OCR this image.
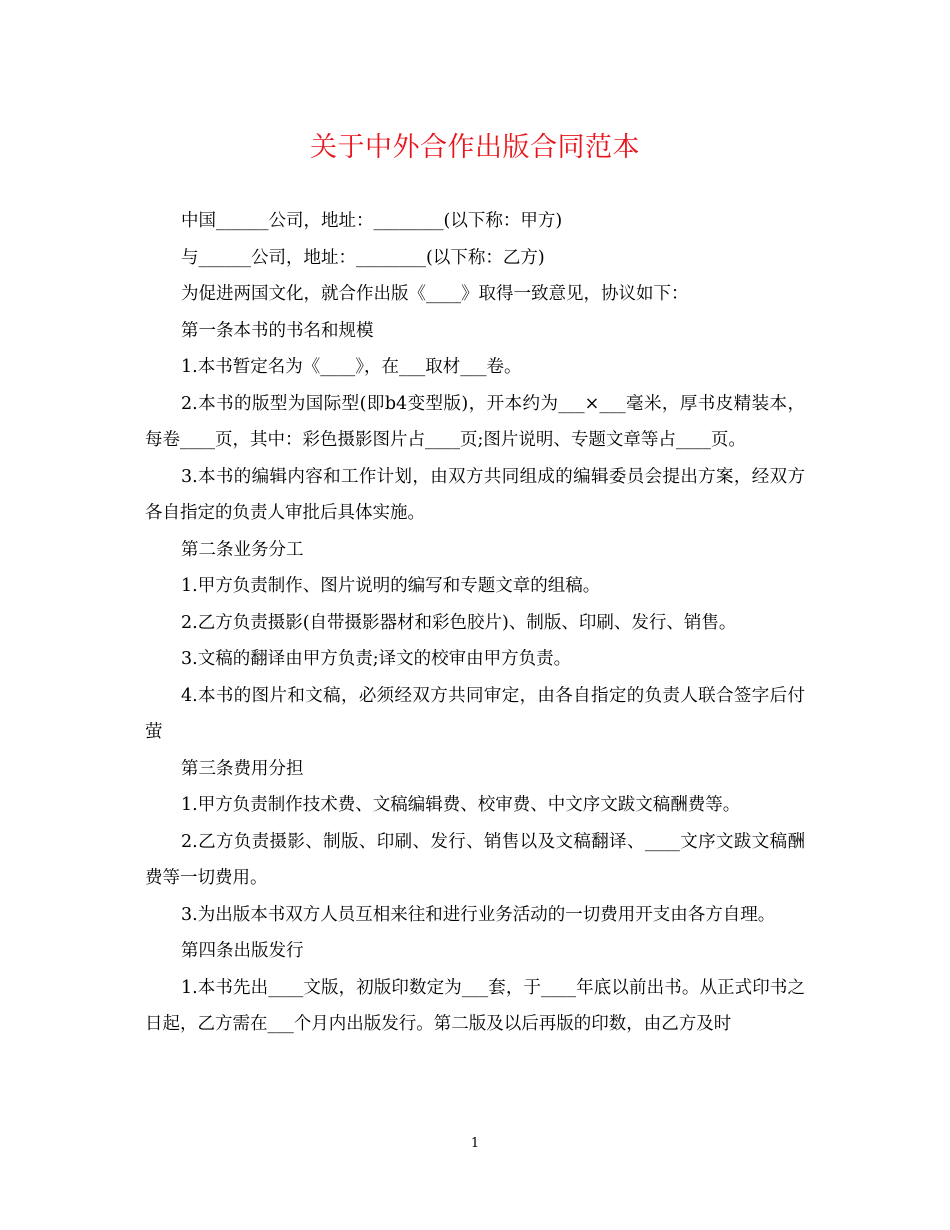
关于中外合作出版合同范本

中国______公司，地址：________(以下称：甲方)

与______公司，地址：________(以下称：乙方)

为促进两国文化，就合作出版《____》取得一致意见，协议如下：

第一条本书的书名和规模

1.本书暂定名为《____》，在___取材___卷。

2.本书的版型为国际型(即b4变型版)，开本约为___×___毫米，厚书皮精装本，每卷____页，其中：彩色摄影图片占____页;图片说明、专题文章等占____页。

3.本书的编辑内容和工作计划，由双方共同组成的编辑委员会提出方案，经双方各自指定的负责人审批后具体实施。

第二条业务分工

1.甲方负责制作、图片说明的编写和专题文章的组稿。

2.乙方负责摄影(自带摄影器材和彩色胶片)、制版、印刷、发行、销售。

3.文稿的翻译由甲方负责;译文的校审由甲方负责。

4.本书的图片和文稿，必须经双方共同审定，由各自指定的负责人联合签字后付萤

第三条费用分担

1.甲方负责制作技术费、文稿编辑费、校审费、中文序文跋文稿酬费等。

2.乙方负责摄影、制版、印刷、发行、销售以及文稿翻译、____文序文跋文稿酬费等一切费用。

3.为出版本书双方人员互相来往和进行业务活动的一切费用开支由各方自理。

第四条出版发行

1.本书先出____文版，初版印数定为___套，于____年底以前出书。从正式印书之日起，乙方需在___个月内出版发行。第二版及以后再版的印数，由乙方及时

1
